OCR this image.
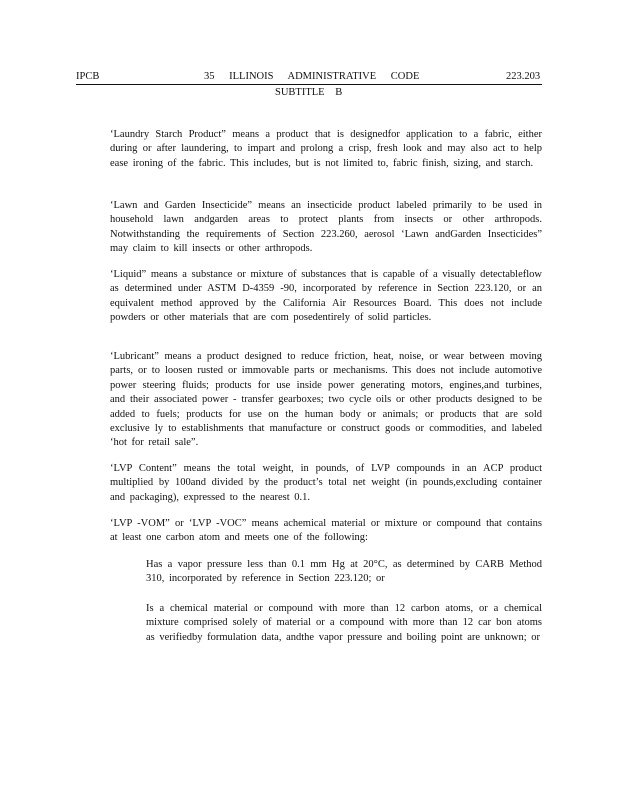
IPCB	35 ILLINOIS ADMINISTRATIVE CODE	223.203
SUBTITLE B

‘Laundry Starch Product” means a product that is designedfor application to a fabric, either during or after laundering, to impart and prolong a crisp, fresh look and may also act to help ease ironing of the fabric. This includes, but is not limited to, fabric finish, sizing, and starch.

‘Lawn and Garden Insecticide” means an insecticide product labeled primarily to be used in household lawn andgarden areas to protect plants from insects or other arthropods. Notwithstanding the requirements of Section 223.260, aerosol ‘Lawn andGarden Insecticides” may claim to kill insects or other arthropods.

‘Liquid” means a substance or mixture of substances that is capable of a visually detectableflow as determined under ASTM D-4359 -90, incorporated by reference in Section 223.120, or an equivalent method approved by the California Air Resources Board. This does not include powders or other materials that are com posedentirely of solid particles.

‘Lubricant” means a product designed to reduce friction, heat, noise, or wear between moving parts, or to loosen rusted or immovable parts or mechanisms. This does not include automotive power steering fluids; products for use inside power generating motors, engines,and turbines, and their associated power - transfer gearboxes; two cycle oils or other products designed to be added to fuels; products for use on the human body or animals; or products that are sold exclusive ly to establishments that manufacture or construct goods or commodities, and labeled ‘hot for retail sale”.

‘LVP Content” means the total weight, in pounds, of LVP compounds in an ACP product multiplied by 100and divided by the product’s total net weight (in pounds,excluding container and packaging), expressed to the nearest 0.1.

‘LVP -VOM” or ‘LVP -VOC” means achemical material or mixture or compound that contains at least one carbon atom and meets one of the following:

Has a vapor pressure less than 0.1 mm Hg at 20°C, as determined by CARB Method 310, incorporated by reference in Section 223.120; or

Is a chemical material or compound with more than 12 carbon atoms, or a chemical mixture comprised solely of material or a compound with more than 12 car bon atoms as verifiedby formulation data, andthe vapor pressure and boiling point are unknown; or
